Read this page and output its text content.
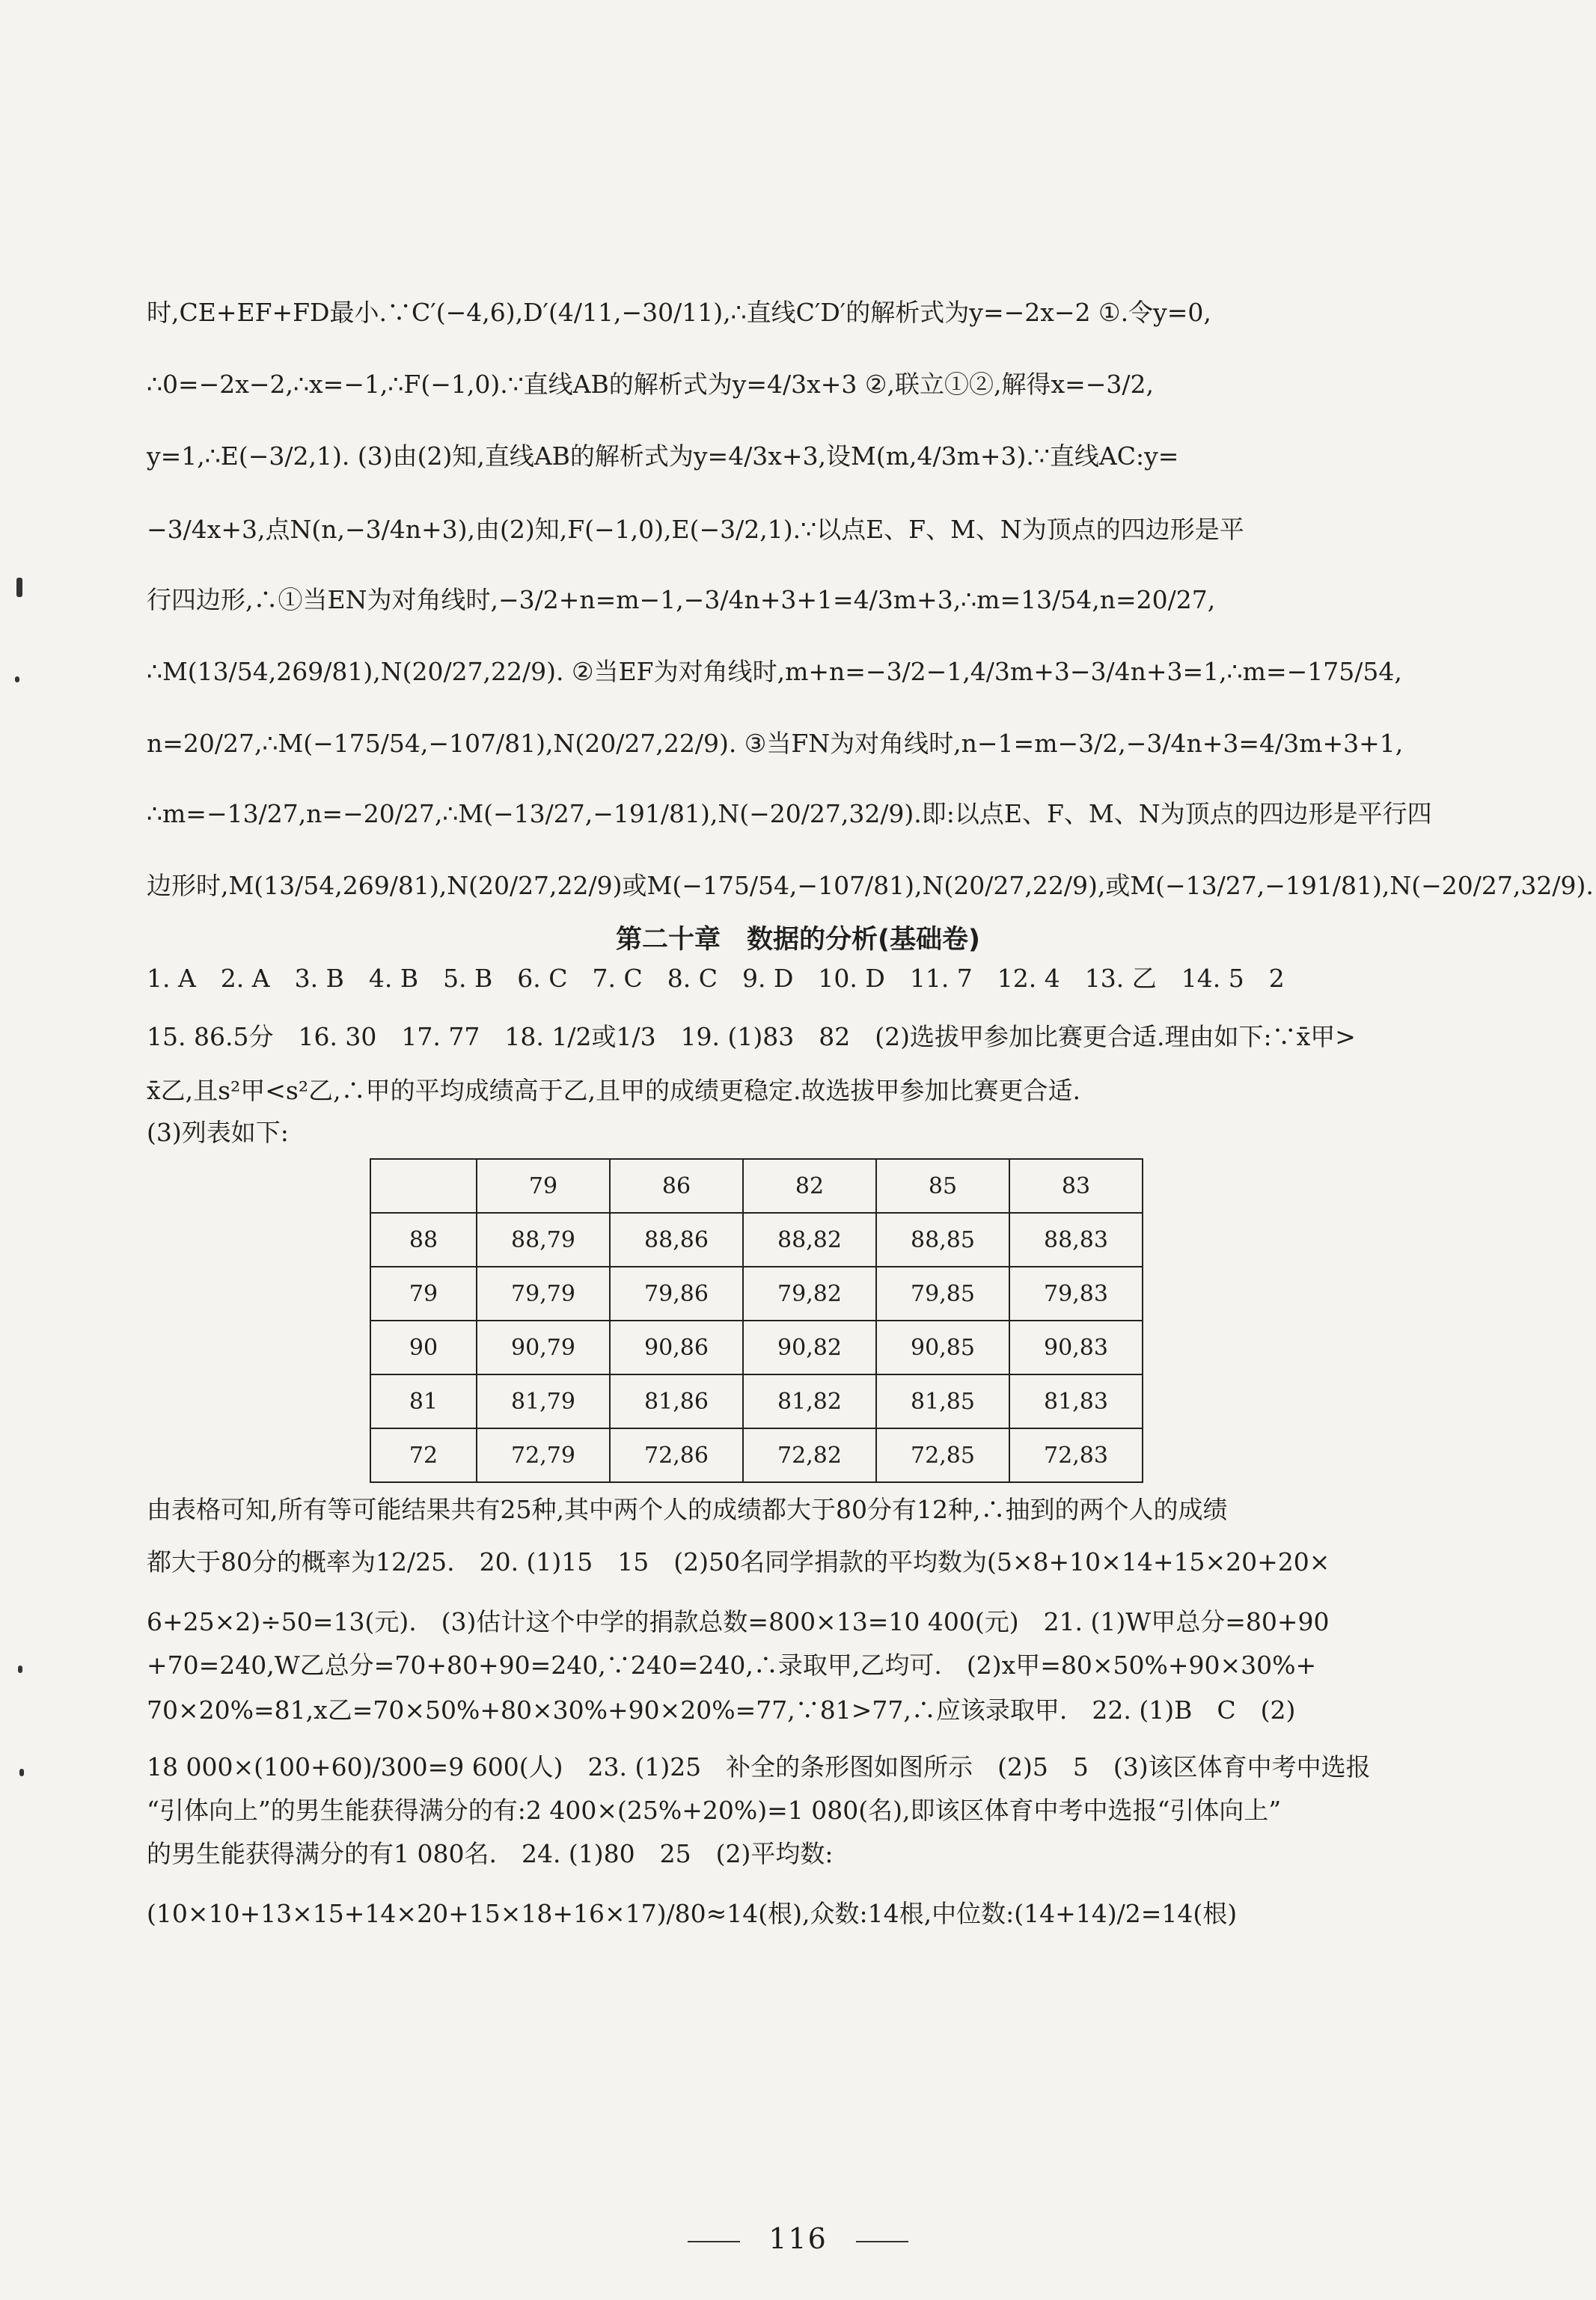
时,CE+EF+FD最小.∵C′(−4,6),D′(4/11,−30/11),∴直线C′D′的解析式为y=−2x−2 ①.令y=0,
∴0=−2x−2,∴x=−1,∴F(−1,0).∵直线AB的解析式为y=4/3x+3 ②,联立①②,解得x=−3/2,
y=1,∴E(−3/2,1). (3)由(2)知,直线AB的解析式为y=4/3x+3,设M(m,4/3m+3).∵直线AC:y=
−3/4x+3,点N(n,−3/4n+3),由(2)知,F(−1,0),E(−3/2,1).∵以点E、F、M、N为顶点的四边形是平
行四边形,∴①当EN为对角线时,−3/2+n=m−1,−3/4n+3+1=4/3m+3,∴m=13/54,n=20/27,
∴M(13/54,269/81),N(20/27,22/9). ②当EF为对角线时,m+n=−3/2−1,4/3m+3−3/4n+3=1,∴m=−175/54,
n=20/27,∴M(−175/54,−107/81),N(20/27,22/9). ③当FN为对角线时,n−1=m−3/2,−3/4n+3=4/3m+3+1,
∴m=−13/27,n=−20/27,∴M(−13/27,−191/81),N(−20/27,32/9).即:以点E、F、M、N为顶点的四边形是平行四
边形时,M(13/54,269/81),N(20/27,22/9)或M(−175/54,−107/81),N(20/27,22/9),或M(−13/27,−191/81),N(−20/27,32/9).
第二十章　数据的分析(基础卷)
1. A　2. A　3. B　4. B　5. B　6. C　7. C　8. C　9. D　10. D　11. 7　12. 4　13. 乙　14. 5　2
15. 86.5分　16. 30　17. 77　18. 1/2或1/3　19. (1)83　82　(2)选拔甲参加比赛更合适.理由如下:∵x̄甲>
x̄乙,且s²甲<s²乙,∴甲的平均成绩高于乙,且甲的成绩更稳定.故选拔甲参加比赛更合适.
(3)列表如下:
	79	86	82	85	83
88	88,79	88,86	88,82	88,85	88,83
79	79,79	79,86	79,82	79,85	79,83
90	90,79	90,86	90,82	90,85	90,83
81	81,79	81,86	81,82	81,85	81,83
72	72,79	72,86	72,82	72,85	72,83
由表格可知,所有等可能结果共有25种,其中两个人的成绩都大于80分有12种,∴抽到的两个人的成绩
都大于80分的概率为12/25.　20. (1)15　15　(2)50名同学捐款的平均数为(5×8+10×14+15×20+20×
6+25×2)÷50=13(元).　(3)估计这个中学的捐款总数=800×13=10 400(元)　21. (1)W甲总分=80+90
+70=240,W乙总分=70+80+90=240,∵240=240,∴录取甲,乙均可.　(2)x甲=80×50%+90×30%+
70×20%=81,x乙=70×50%+80×30%+90×20%=77,∵81>77,∴应该录取甲.　22. (1)B　C　(2)
18 000×(100+60)/300=9 600(人)　23. (1)25　补全的条形图如图所示　(2)5　5　(3)该区体育中考中选报
“引体向上”的男生能获得满分的有:2 400×(25%+20%)=1 080(名),即该区体育中考中选报“引体向上”
的男生能获得满分的有1 080名.　24. (1)80　25　(2)平均数:
(10×10+13×15+14×20+15×18+16×17)/80≈14(根),众数:14根,中位数:(14+14)/2=14(根)
116
